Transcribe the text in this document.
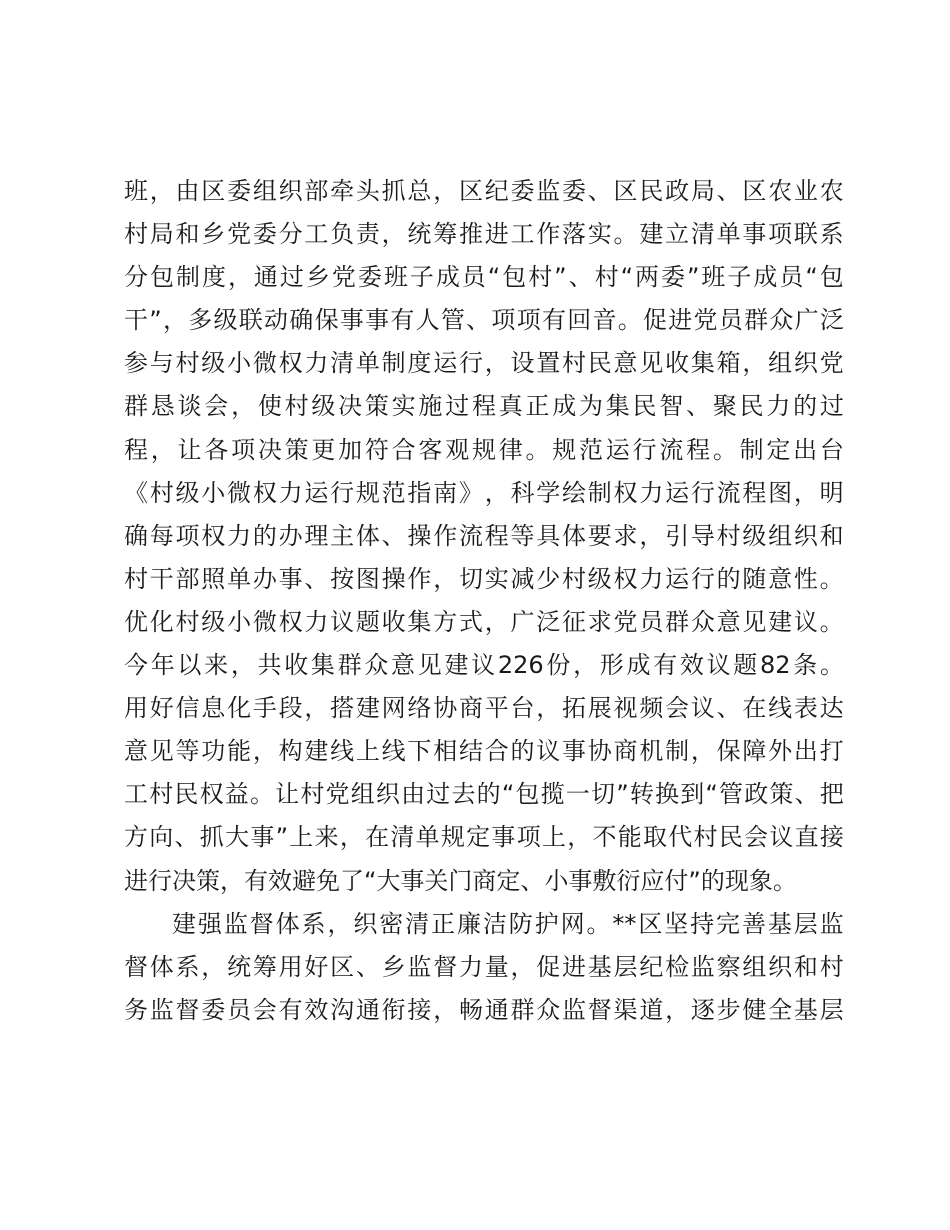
班 ， 由 区 委 组 织 部 牵 头 抓 总 ， 区 纪 委 监 委 、 区 民 政 局 、 区 农 业 农
村 局 和 乡 党 委 分 工 负 责 ， 统 筹 推 进 工 作 落 实 。 建 立 清 单 事 项 联 系
分 包 制 度 ， 通 过 乡 党 委 班 子 成 员 “ 包 村 ” 、 村 “ 两 委 ” 班 子 成 员 “ 包
干 ” ， 多 级 联 动 确 保 事 事 有 人 管 、 项 项 有 回 音 。 促 进 党 员 群 众 广 泛
参 与 村 级 小 微 权 力 清 单 制 度 运 行 ， 设 置 村 民 意 见 收 集 箱 ， 组 织 党
群 恳 谈 会 ， 使 村 级 决 策 实 施 过 程 真 正 成 为 集 民 智 、 聚 民 力 的 过
程 ， 让 各 项 决 策 更 加 符 合 客 观 规 律 。 规 范 运 行 流 程 。 制 定 出 台
《 村 级 小 微 权 力 运 行 规 范 指 南 》 ， 科 学 绘 制 权 力 运 行 流 程 图 ， 明
确 每 项 权 力 的 办 理 主 体 、 操 作 流 程 等 具 体 要 求 ， 引 导 村 级 组 织 和
村 干 部 照 单 办 事 、 按 图 操 作 ， 切 实 减 少 村 级 权 力 运 行 的 随 意 性 。
优 化 村 级 小 微 权 力 议 题 收 集 方 式 ， 广 泛 征 求 党 员 群 众 意 见 建 议 。
今 年 以 来 ， 共 收 集 群 众 意 见 建 议 226 份 ， 形 成 有 效 议 题 82 条 。
用 好 信 息 化 手 段 ， 搭 建 网 络 协 商 平 台 ， 拓 展 视 频 会 议 、 在 线 表 达
意 见 等 功 能 ， 构 建 线 上 线 下 相 结 合 的 议 事 协 商 机 制 ， 保 障 外 出 打
工 村 民 权 益 。 让 村 党 组 织 由 过 去 的 “ 包 揽 一 切 ” 转 换 到 “ 管 政 策 、 把
方 向 、 抓 大 事 ” 上 来 ， 在 清 单 规 定 事 项 上 ， 不 能 取 代 村 民 会 议 直 接
进行决策，有效避免了“大事关门商定、小事敷衍应付”的现象。
建 强 监 督 体 系 ， 织 密 清 正 廉 洁 防 护 网 。 ** 区 坚 持 完 善 基 层 监
督 体 系 ， 统 筹 用 好 区 、 乡 监 督 力 量 ， 促 进 基 层 纪 检 监 察 组 织 和 村
务 监 督 委 员 会 有 效 沟 通 衔 接 ， 畅 通 群 众 监 督 渠 道 ， 逐 步 健 全 基 层
